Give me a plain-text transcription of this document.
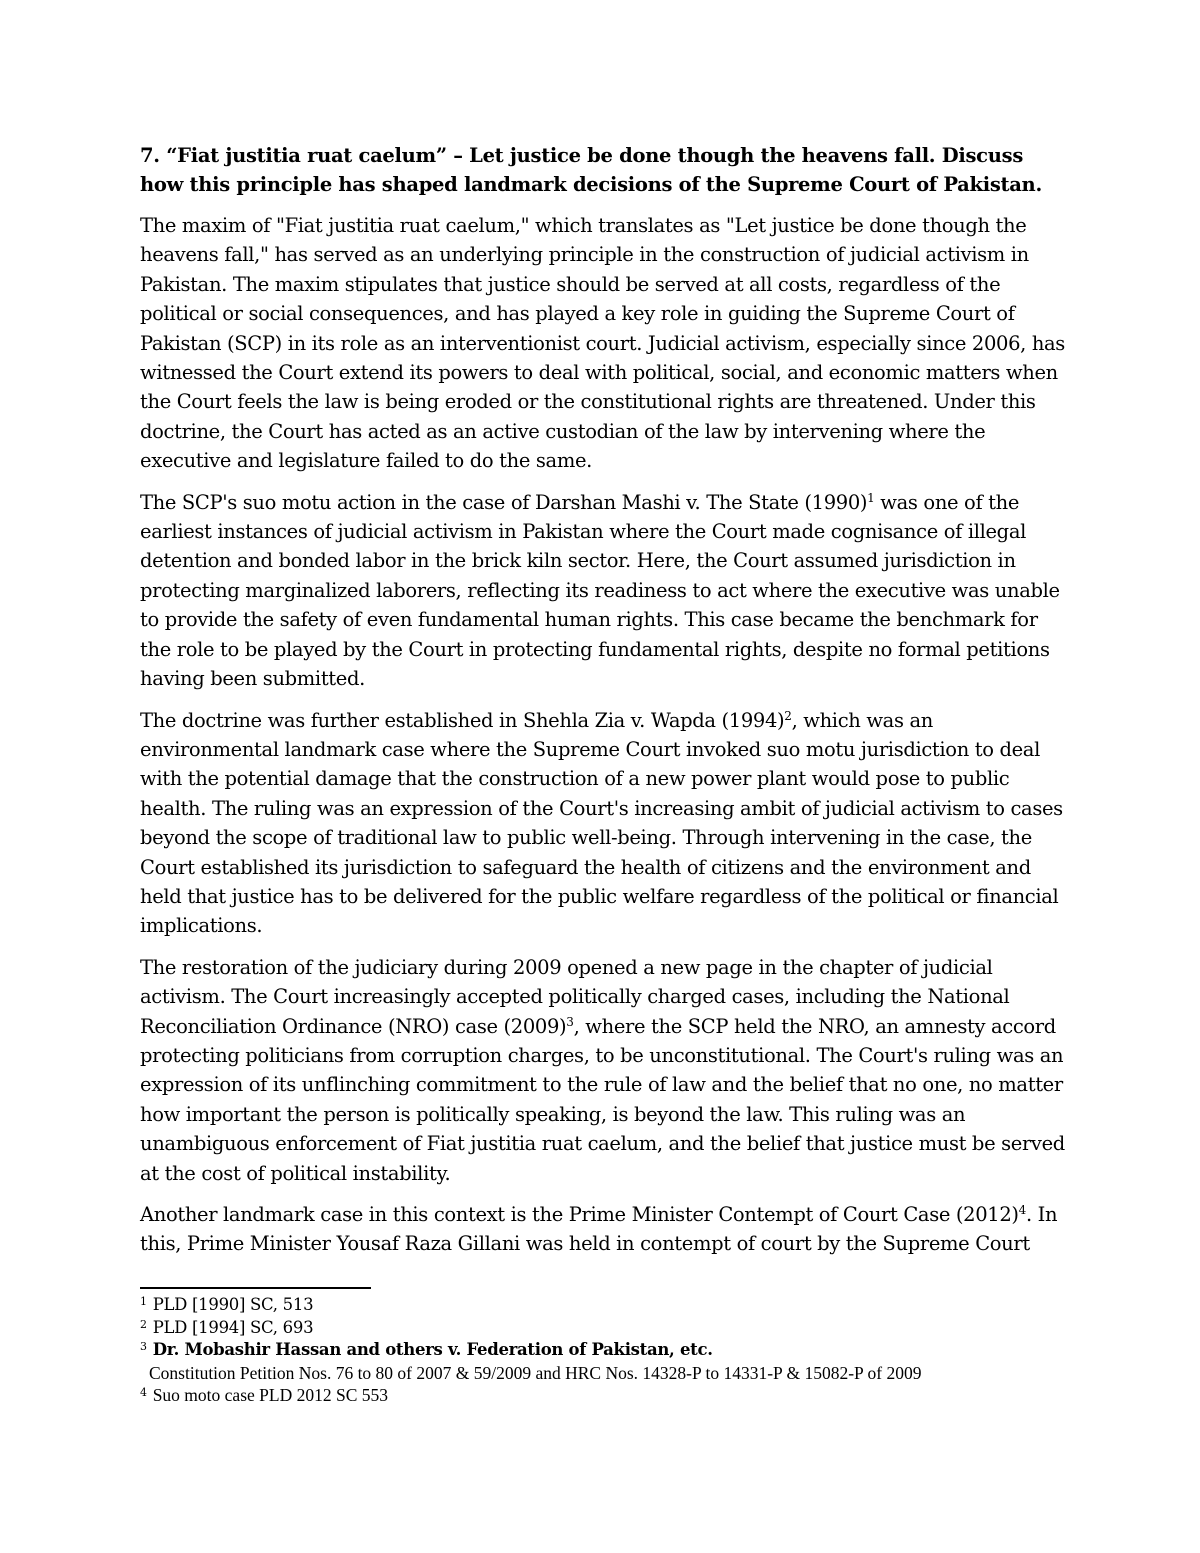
7. “Fiat justitia ruat caelum” – Let justice be done though the heavens fall. Discuss how this principle has shaped landmark decisions of the Supreme Court of Pakistan.

The maxim of "Fiat justitia ruat caelum," which translates as "Let justice be done though the heavens fall," has served as an underlying principle in the construction of judicial activism in Pakistan. The maxim stipulates that justice should be served at all costs, regardless of the political or social consequences, and has played a key role in guiding the Supreme Court of Pakistan (SCP) in its role as an interventionist court. Judicial activism, especially since 2006, has witnessed the Court extend its powers to deal with political, social, and economic matters when the Court feels the law is being eroded or the constitutional rights are threatened. Under this doctrine, the Court has acted as an active custodian of the law by intervening where the executive and legislature failed to do the same.

The SCP's suo motu action in the case of Darshan Mashi v. The State $(1990)^1$ was one of the earliest instances of judicial activism in Pakistan where the Court made cognisance of illegal detention and bonded labor in the brick kiln sector. Here, the Court assumed jurisdiction in protecting marginalized laborers, reflecting its readiness to act where the executive was unable to provide the safety of even fundamental human rights. This case became the benchmark for the role to be played by the Court in protecting fundamental rights, despite no formal petitions having been submitted.

The doctrine was further established in Shehla Zia v. Wapda $(1994)^2$, which was an environmental landmark case where the Supreme Court invoked suo motu jurisdiction to deal with the potential damage that the construction of a new power plant would pose to public health. The ruling was an expression of the Court's increasing ambit of judicial activism to cases beyond the scope of traditional law to public well-being. Through intervening in the case, the Court established its jurisdiction to safeguard the health of citizens and the environment and held that justice has to be delivered for the public welfare regardless of the political or financial implications.

The restoration of the judiciary during 2009 opened a new page in the chapter of judicial activism. The Court increasingly accepted politically charged cases, including the National Reconciliation Ordinance (NRO) case $(2009)^3$, where the SCP held the NRO, an amnesty accord protecting politicians from corruption charges, to be unconstitutional. The Court's ruling was an expression of its unflinching commitment to the rule of law and the belief that no one, no matter how important the person is politically speaking, is beyond the law. This ruling was an unambiguous enforcement of Fiat justitia ruat caelum, and the belief that justice must be served at the cost of political instability.

Another landmark case in this context is the Prime Minister Contempt of Court Case $(2012)^4$. In this, Prime Minister Yousaf Raza Gillani was held in contempt of court by the Supreme Court

$^1$ PLD [1990] SC, 513

$^2$ PLD [1994] SC, 693

$^3$ Dr. Mobashir Hassan and others v. Federation of Pakistan, etc.

Constitution Petition Nos. 76 to 80 of 2007 & 59/2009 and HRC Nos. 14328-P to 14331-P & 15082-P of 2009

$^4$ Suo moto case PLD 2012 SC 553
